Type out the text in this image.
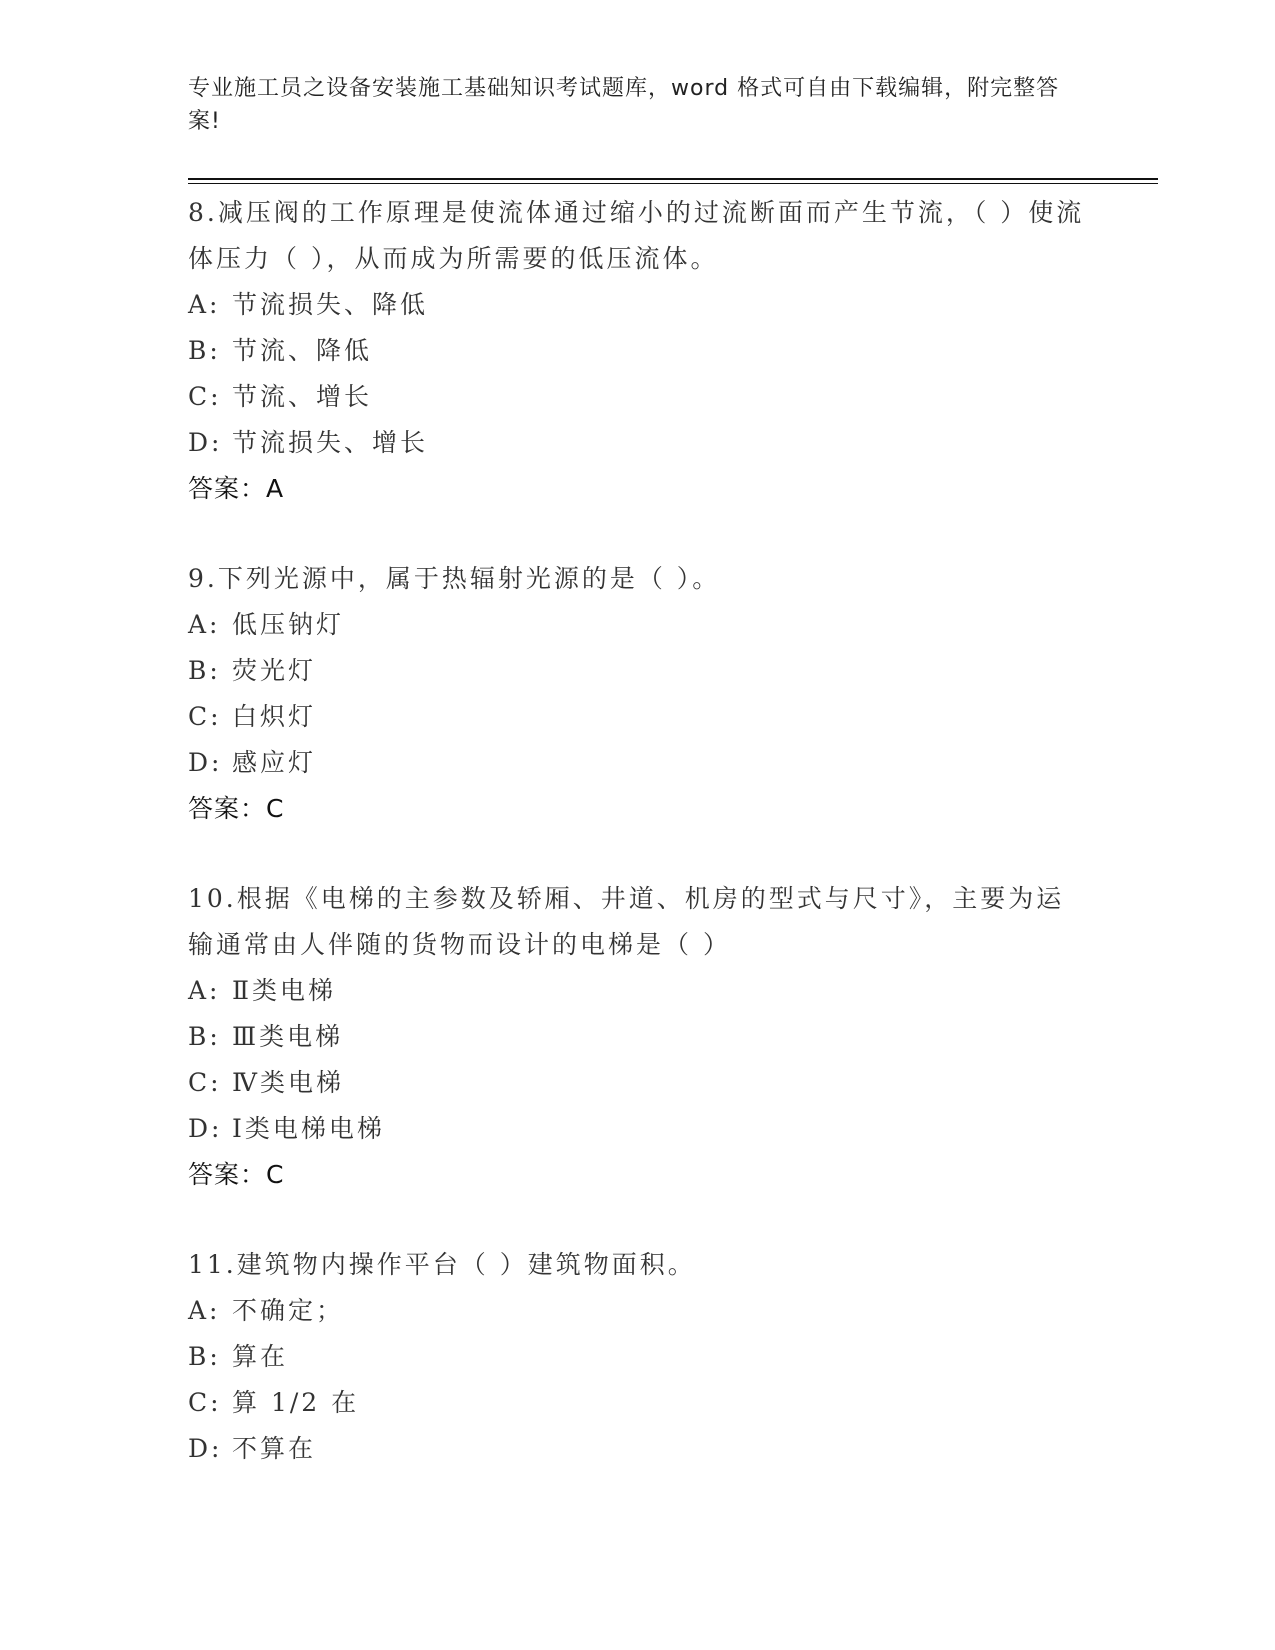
专业施工员之设备安装施工基础知识考试题库，word 格式可自由下载编辑，附完整答案!
8.减压阀的工作原理是使流体通过缩小的过流断面而产生节流，（ ）使流体压力（ ），从而成为所需要的低压流体。
A: 节流损失、降低
B: 节流、降低
C: 节流、增长
D: 节流损失、增长
答案：A
9.下列光源中，属于热辐射光源的是（ ）。
A: 低压钠灯
B: 荧光灯
C: 白炽灯
D: 感应灯
答案：C
10.根据《电梯的主参数及轿厢、井道、机房的型式与尺寸》，主要为运输通常由人伴随的货物而设计的电梯是（ ）
A: Ⅱ类电梯
B: Ⅲ类电梯
C: Ⅳ类电梯
D: Ⅰ类电梯电梯
答案：C
11.建筑物内操作平台（ ）建筑物面积。
A: 不确定；
B: 算在
C: 算 1/2 在
D: 不算在
